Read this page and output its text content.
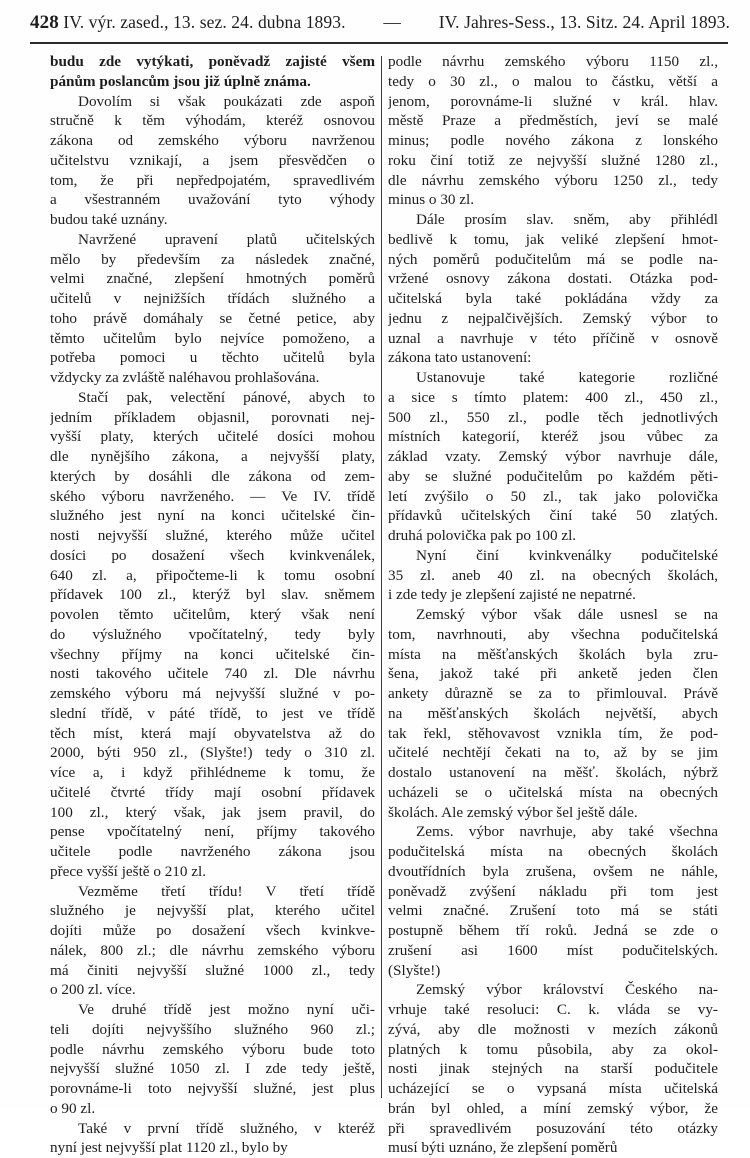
428 IV. výr. zased., 13. sez. 24. dubna 1893. — IV. Jahres-Sess., 13. Sitz. 24. April 1893.
budu zde vytýkati, poněvadž zajisté všem
pánům poslancům jsou již úplně známa.
Dovolím si však poukázati zde aspoň
stručně k těm výhodám, kteréž osnovou
zákona od zemského výboru navrženou
učitelstvu vznikají, a jsem přesvědčen o
tom, že při nepředpojatém, spravedlivém
a všestranném uvažování tyto výhody
budou také uznány.
Navržené upravení platů učitelských
mělo by především za následek značné,
velmi značné, zlepšení hmotných poměrů
učitelů v nejnižších třídách služného a
toho právě domáhaly se četné petice, aby
těmto učitelům bylo nejvíce pomoženo, a
potřeba pomoci u těchto učitelů byla
vždycky za zvláště naléhavou prohlašována.
Stačí pak, velectění pánové, abych to
jedním příkladem objasnil, porovnati nej-
vyšší platy, kterých učitelé dosíci mohou
dle nynějšího zákona, a nejvyšší platy,
kterých by dosáhli dle zákona od zem-
ského výboru navrženého. — Ve IV. třídě
služného jest nyní na konci učitelské čin-
nosti nejvyšší služné, kterého může učitel
dosíci po dosažení všech kvinkvenálek,
640 zl. a, připočteme-li k tomu osobní
přídavek 100 zl., kterýž byl slav. sněmem
povolen těmto učitelům, který však není
do výslužného vpočítatelný, tedy byly
všechny příjmy na konci učitelské čin-
nosti takového učitele 740 zl. Dle návrhu
zemského výboru má nejvyšší služné v po-
slední třídě, v páté třídě, to jest ve třídě
těch míst, která mají obyvatelstva až do
2000, býti 950 zl., (Slyšte!) tedy o 310 zl.
více a, i když přihlédneme k tomu, že
učitelé čtvrté třídy mají osobní přídavek
100 zl., který však, jak jsem pravil, do
pense vpočítatelný není, příjmy takového
učitele podle navrženého zákona jsou
přece vyšší ještě o 210 zl.
Vezměme třetí třídu! V třetí třídě
služného je nejvyšší plat, kterého učitel
dojíti může po dosažení všech kvinkve-
nálek, 800 zl.; dle návrhu zemského výboru
má činiti nejvyšší služné 1000 zl., tedy
o 200 zl. více.
Ve druhé třídě jest možno nyní uči-
teli dojíti nejvyššího služného 960 zl.;
podle návrhu zemského výboru bude toto
nejvyšší služné 1050 zl. I zde tedy ještě,
porovnáme-li toto nejvyšší služné, jest plus
o 90 zl.
Také v první třídě služného, v kteréž
nyní jest nejvyšší plat 1120 zl., bylo by
podle návrhu zemského výboru 1150 zl.,
tedy o 30 zl., o malou to částku, větší a
jenom, porovnáme-li služné v král. hlav.
městě Praze a předměstích, jeví se malé
minus; podle nového zákona z lonského
roku činí totiž ze nejvyšší služné 1280 zl.,
dle návrhu zemského výboru 1250 zl., tedy
minus o 30 zl.
Dále prosím slav. sněm, aby přihlédl
bedlivě k tomu, jak veliké zlepšení hmot-
ných poměrů podučitelům má se podle na-
vržené osnovy zákona dostati. Otázka pod-
učitelská byla také pokládána vždy za
jednu z nejpalčivějších. Zemský výbor to
uznal a navrhuje v této příčině v osnově
zákona tato ustanovení:
Ustanovuje také kategorie rozličné
a sice s tímto platem: 400 zl., 450 zl.,
500 zl., 550 zl., podle těch jednotlivých
místních kategorií, kteréž jsou vůbec za
základ vzaty. Zemský výbor navrhuje dále,
aby se služné podučitelům po každém pěti-
letí zvýšilo o 50 zl., tak jako polovička
přídavků učitelských činí také 50 zlatých.
druhá polovička pak po 100 zl.
Nyní činí kvinkvenálky podučitelské
35 zl. aneb 40 zl. na obecných školách,
i zde tedy je zlepšení zajisté ne nepatrné.
Zemský výbor však dále usnesl se na
tom, navrhnouti, aby všechna podučitelská
místa na měšťanských školách byla zru-
šena, jakož také při anketě jeden člen
ankety důrazně se za to přimlouval. Právě
na měšťanských školách největší, abych
tak řekl, stěhovavost vznikla tím, že pod-
učitelé nechtějí čekati na to, až by se jim
dostalo ustanovení na měšť. školách, nýbrž
ucházeli se o učitelská místa na obecných
školách. Ale zemský výbor šel ještě dále.
Zems. výbor navrhuje, aby také všechna
podučitelská místa na obecných školách
dvoutřídních byla zrušena, ovšem ne náhle,
poněvadž zvýšení nákladu při tom jest
velmi značné. Zrušení toto má se státi
postupně během tří roků. Jedná se zde o
zrušení asi 1600 míst podučitelských.
(Slyšte!)
Zemský výbor království Českého na-
vrhuje také resoluci: C. k. vláda se vy-
zývá, aby dle možnosti v mezích zákonů
platných k tomu působila, aby za okol-
nosti jinak stejných na starší podučitele
ucházející se o vypsaná místa učitelská
brán byl ohled, a míní zemský výbor, že
při spravedlivém posuzování této otázky
musí býti uznáno, že zlepšení poměrů
